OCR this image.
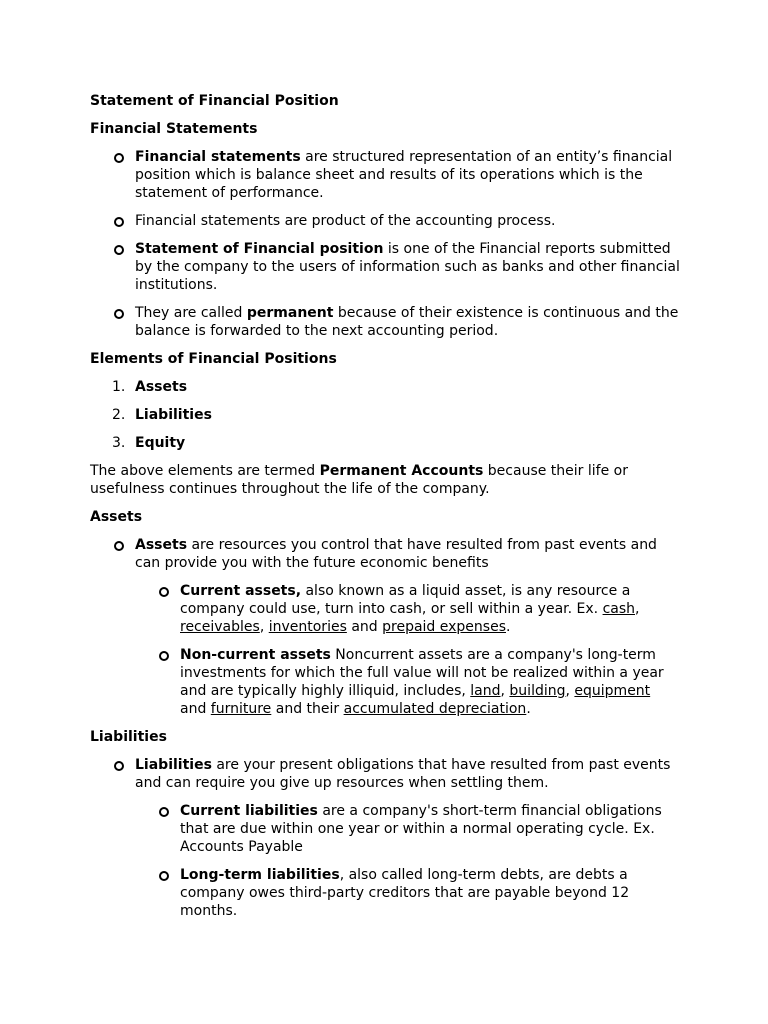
Statement of Financial Position
Financial Statements
Financial statements are structured representation of an entity’s financial position which is balance sheet and results of its operations which is the statement of performance.
Financial statements are product of the accounting process.
Statement of Financial position is one of the Financial reports submitted by the company to the users of information such as banks and other financial institutions.
They are called permanent because of their existence is continuous and the balance is forwarded to the next accounting period.
Elements of Financial Positions
1. Assets
2. Liabilities
3. Equity
The above elements are termed Permanent Accounts because their life or usefulness continues throughout the life of the company.
Assets
Assets are resources you control that have resulted from past events and can provide you with the future economic benefits
Current assets, also known as a liquid asset, is any resource a company could use, turn into cash, or sell within a year. Ex. cash, receivables, inventories and prepaid expenses.
Non-current assets Noncurrent assets are a company's long-term investments for which the full value will not be realized within a year and are typically highly illiquid, includes, land, building, equipment and furniture and their accumulated depreciation.
Liabilities
Liabilities are your present obligations that have resulted from past events and can require you give up resources when settling them.
Current liabilities are a company's short-term financial obligations that are due within one year or within a normal operating cycle. Ex. Accounts Payable
Long-term liabilities, also called long-term debts, are debts a company owes third-party creditors that are payable beyond 12 months.
